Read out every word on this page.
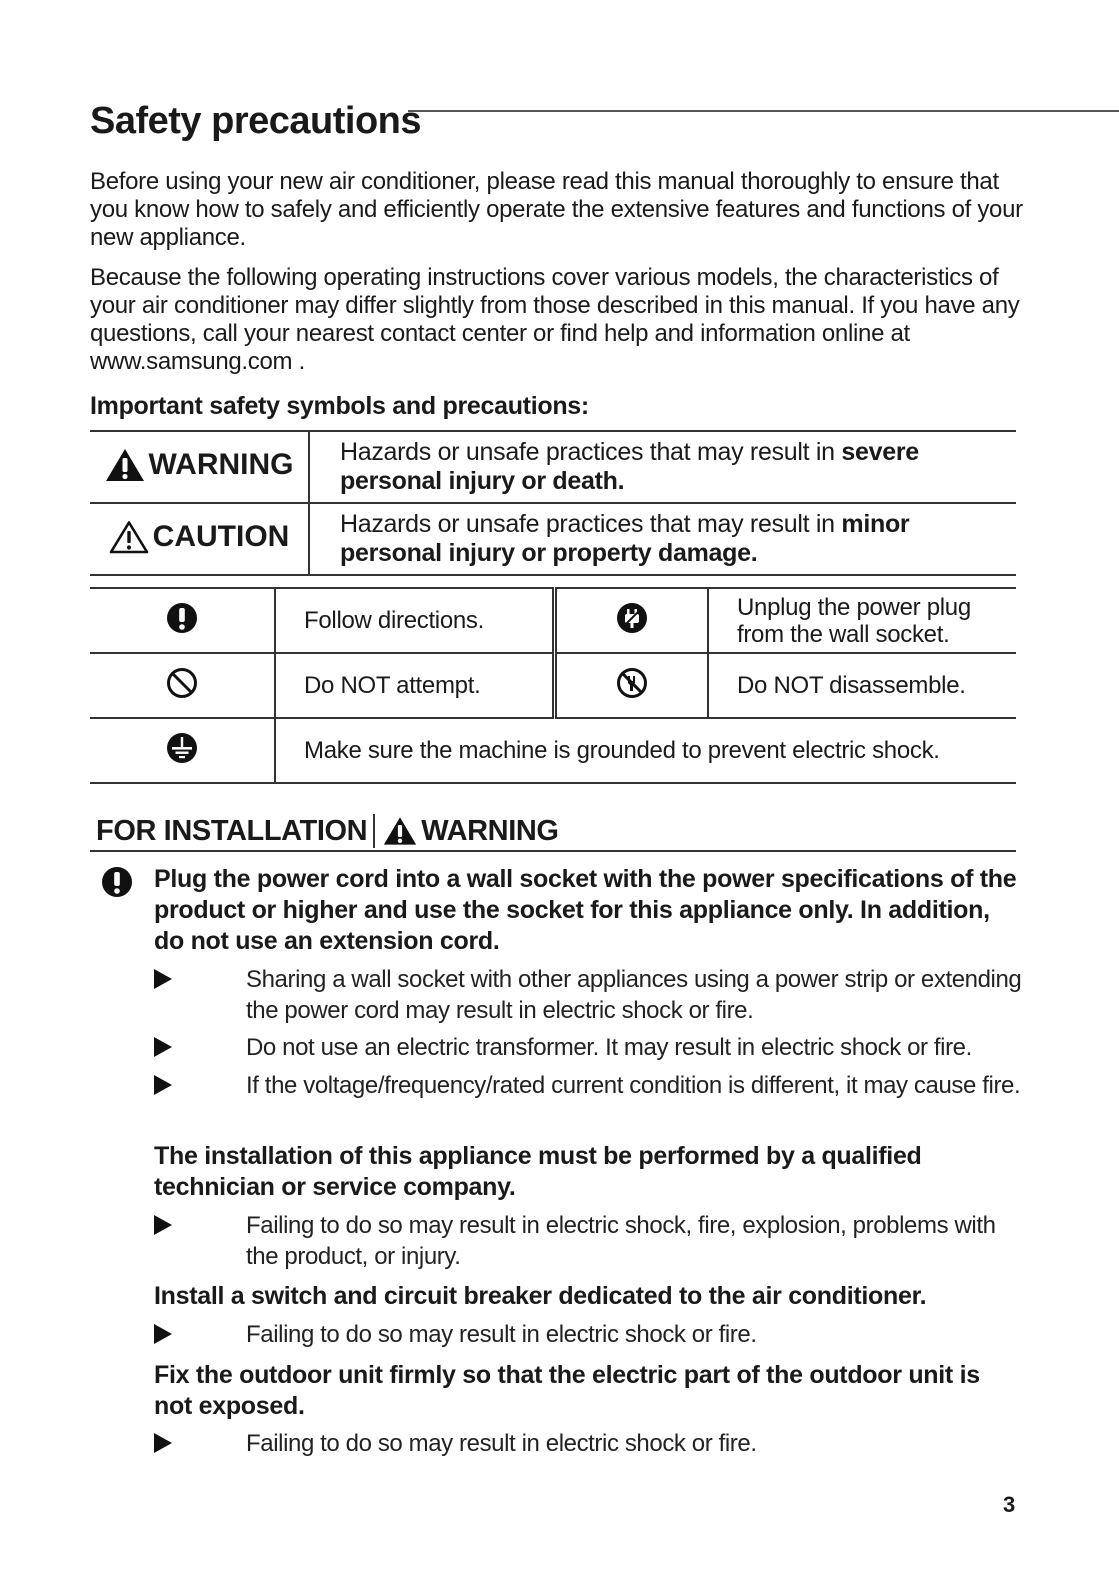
Safety precautions
Before using your new air conditioner, please read this manual thoroughly to ensure that you know how to safely and efficiently operate the extensive features and functions of your new appliance.
Because the following operating instructions cover various models, the characteristics of your air conditioner may differ slightly from those described in this manual. If you have any questions, call your nearest contact center or find help and information online at www.samsung.com .
Important safety symbols and precautions:
WARNING	Hazards or unsafe practices that may result in severe personal injury or death.

CAUTION	Hazards or unsafe practices that may result in minor personal injury or property damage.
	Follow directions.		Unplug the power plug from the wall socket.
	Do NOT attempt.		Do NOT disassemble.
	Make sure the machine is grounded to prevent electric shock.		
FOR INSTALLATION WARNING
Plug the power cord into a wall socket with the power specifications of the product or higher and use the socket for this appliance only. In addition, do not use an extension cord.
Sharing a wall socket with other appliances using a power strip or extending the power cord may result in electric shock or fire.
Do not use an electric transformer. It may result in electric shock or fire.
If the voltage/frequency/rated current condition is different, it may cause fire.
The installation of this appliance must be performed by a qualified technician or service company.
Failing to do so may result in electric shock, fire, explosion, problems with the product, or injury.
Install a switch and circuit breaker dedicated to the air conditioner.
Failing to do so may result in electric shock or fire.
Fix the outdoor unit firmly so that the electric part of the outdoor unit is not exposed.
Failing to do so may result in electric shock or fire.
3
